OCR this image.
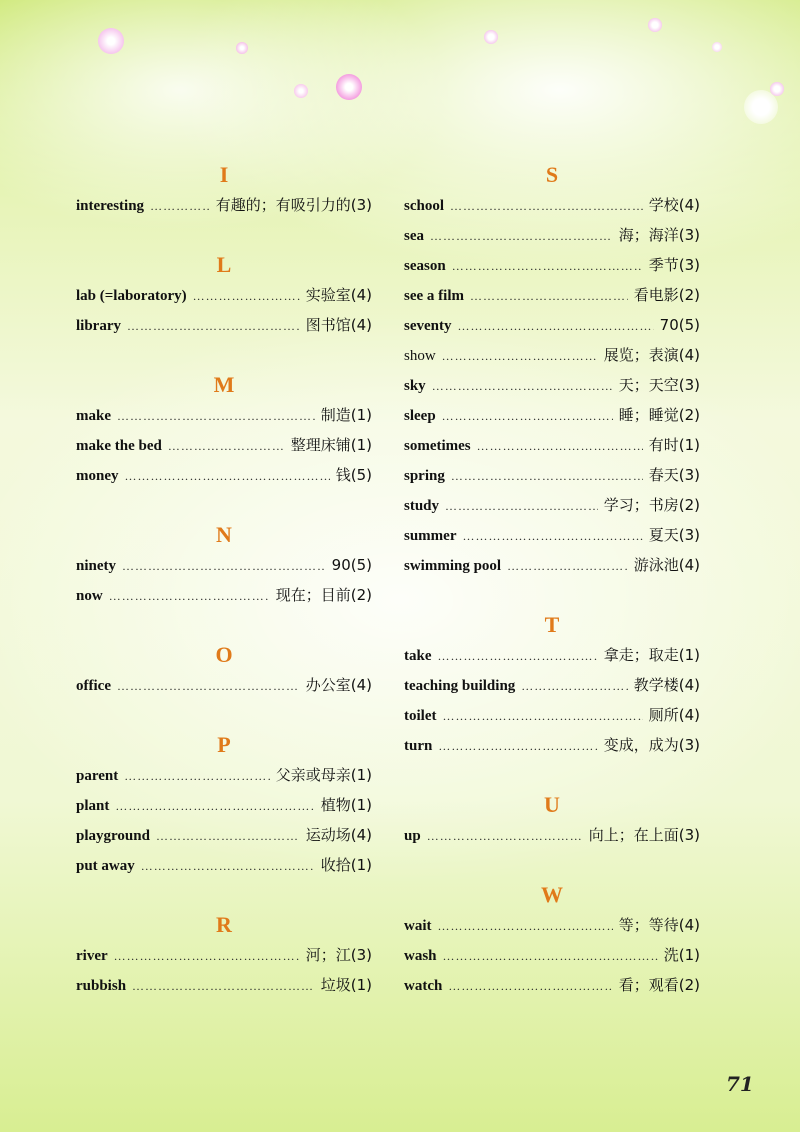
I
interesting …………………………………………………………………………………	有趣的；有吸引力的(3)
L
lab (=laboratory) …………………………………………………………………………………	实验室(4)
library …………………………………………………………………………………	图书馆(4)
M
make …………………………………………………………………………………	制造(1)
make the bed …………………………………………………………………………………	整理床铺(1)
money …………………………………………………………………………………	钱(5)
N
ninety …………………………………………………………………………………	90(5)
now …………………………………………………………………………………	现在；目前(2)
O
office …………………………………………………………………………………	办公室(4)
P
parent …………………………………………………………………………………	父亲或母亲(1)
plant …………………………………………………………………………………	植物(1)
playground …………………………………………………………………………………	运动场(4)
put away …………………………………………………………………………………	收拾(1)
R
river …………………………………………………………………………………	河；江(3)
rubbish …………………………………………………………………………………	垃圾(1)
S
school …………………………………………………………………………………	学校(4)
sea …………………………………………………………………………………	海；海洋(3)
season …………………………………………………………………………………	季节(3)
see a film …………………………………………………………………………………	看电影(2)
seventy …………………………………………………………………………………	70(5)
show …………………………………………………………………………………	展览；表演(4)
sky …………………………………………………………………………………	天；天空(3)
sleep …………………………………………………………………………………	睡；睡觉(2)
sometimes …………………………………………………………………………………	有时(1)
spring …………………………………………………………………………………	春天(3)
study …………………………………………………………………………………	学习；书房(2)
summer …………………………………………………………………………………	夏天(3)
swimming pool …………………………………………………………………………………	游泳池(4)
T
take …………………………………………………………………………………	拿走；取走(1)
teaching building …………………………………………………………………………………	教学楼(4)
toilet …………………………………………………………………………………	厕所(4)
turn …………………………………………………………………………………	变成，成为(3)
U
up …………………………………………………………………………………	向上；在上面(3)
W
wait …………………………………………………………………………………	等；等待(4)
wash …………………………………………………………………………………	洗(1)
watch …………………………………………………………………………………	看；观看(2)
71
